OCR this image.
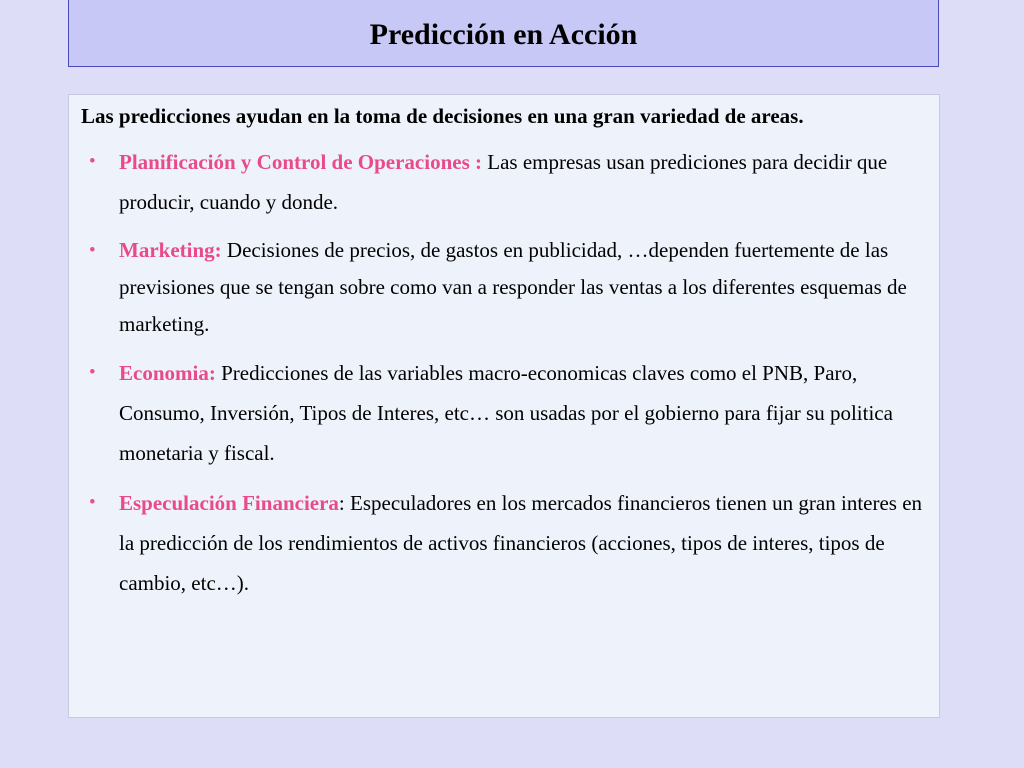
Predicción en Acción

Las predicciones ayudan en la toma de decisiones en una gran variedad de areas.

• Planificación y Control de Operaciones : Las empresas usan prediciones para decidir que producir, cuando y donde.
• Marketing: Decisiones de precios, de gastos en publicidad, …dependen fuertemente de las previsiones que se tengan sobre como van a responder las ventas a los diferentes esquemas de marketing.
• Economia: Predicciones de las variables macro-economicas claves como el PNB, Paro, Consumo, Inversión, Tipos de Interes, etc… son usadas por el gobierno para fijar su politica monetaria y fiscal.
• Especulación Financiera: Especuladores en los mercados financieros tienen un gran interes en la predicción de los rendimientos de activos financieros (acciones, tipos de interes, tipos de cambio, etc…).
